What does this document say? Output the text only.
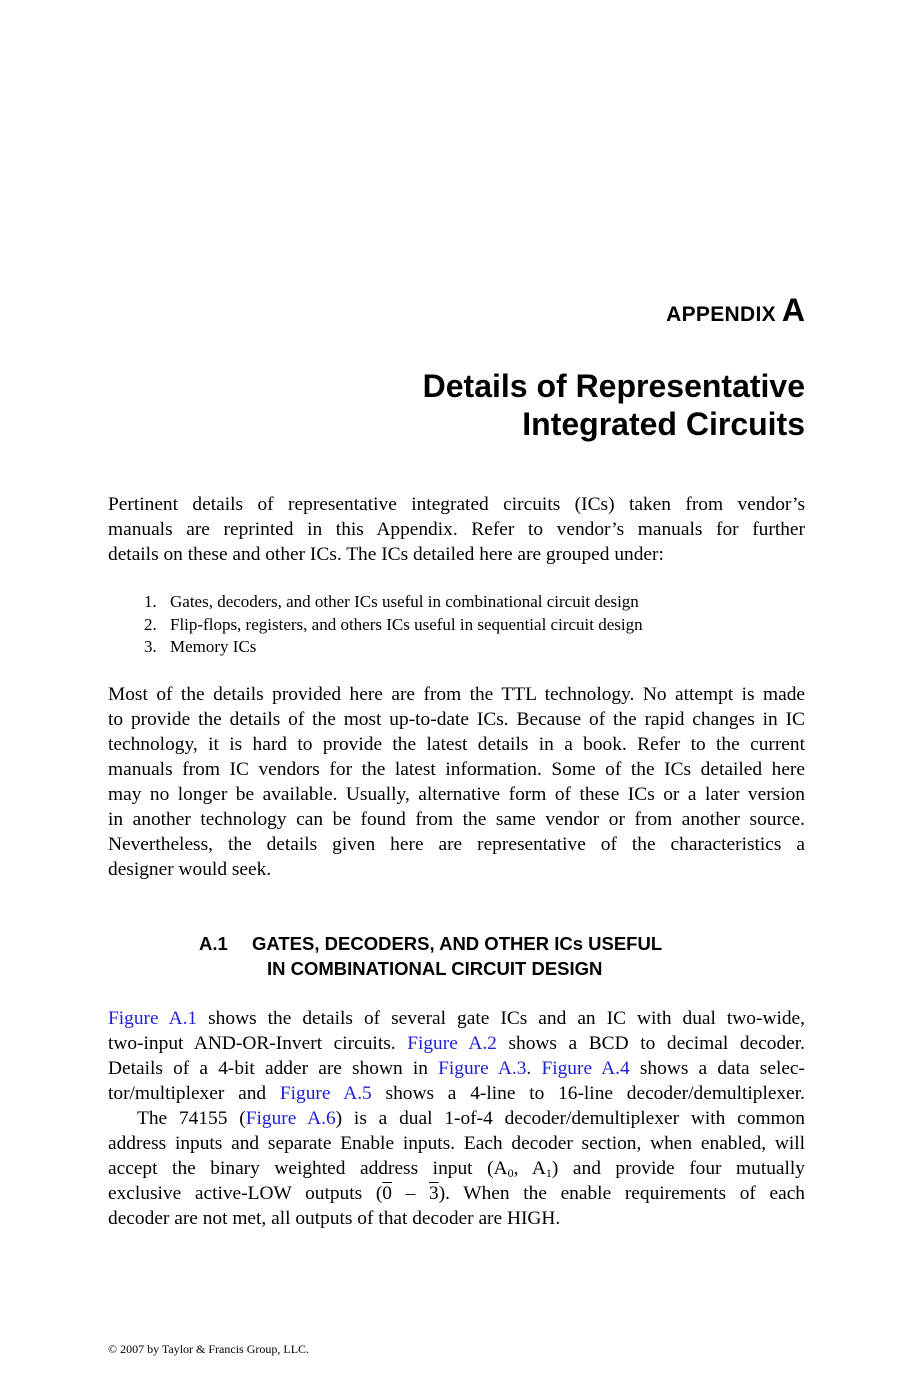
APPENDIX A
Details of Representative
Integrated Circuits
Pertinent details of representative integrated circuits (ICs) taken from vendor’s
manuals are reprinted in this Appendix. Refer to vendor’s manuals for further
details on these and other ICs. The ICs detailed here are grouped under:
1. Gates, decoders, and other ICs useful in combinational circuit design
2. Flip-flops, registers, and others ICs useful in sequential circuit design
3. Memory ICs
Most of the details provided here are from the TTL technology. No attempt is made
to provide the details of the most up-to-date ICs. Because of the rapid changes in IC
technology, it is hard to provide the latest details in a book. Refer to the current
manuals from IC vendors for the latest information. Some of the ICs detailed here
may no longer be available. Usually, alternative form of these ICs or a later version
in another technology can be found from the same vendor or from another source.
Nevertheless, the details given here are representative of the characteristics a
designer would seek.
A.1 GATES, DECODERS, AND OTHER ICs USEFUL
IN COMBINATIONAL CIRCUIT DESIGN
Figure A.1 shows the details of several gate ICs and an IC with dual two-wide,
two-input AND-OR-Invert circuits. Figure A.2 shows a BCD to decimal decoder.
Details of a 4-bit adder are shown in Figure A.3. Figure A.4 shows a data selec-
tor/multiplexer and Figure A.5 shows a 4-line to 16-line decoder/demultiplexer.
The 74155 (Figure A.6) is a dual 1-of-4 decoder/demultiplexer with common
address inputs and separate Enable inputs. Each decoder section, when enabled, will
accept the binary weighted address input ($A_0$, $A_1$) and provide four mutually
exclusive active-LOW outputs (0 – 3). When the enable requirements of each
decoder are not met, all outputs of that decoder are HIGH.
© 2007 by Taylor & Francis Group, LLC.
